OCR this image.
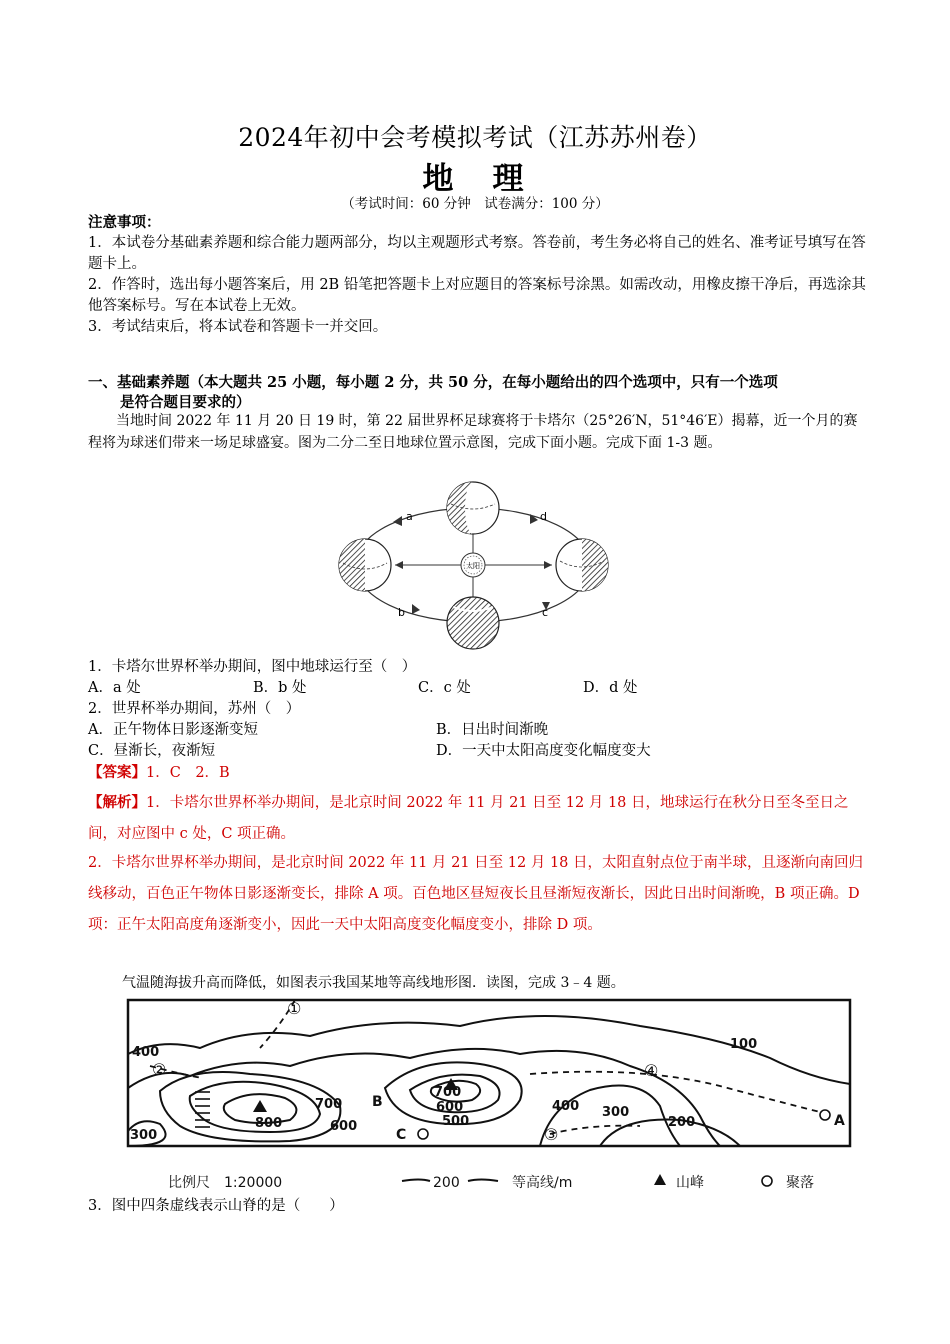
2024年初中会考模拟考试（江苏苏州卷）
地　理
（考试时间：60 分钟　试卷满分：100 分）
注意事项：
1．本试卷分基础素养题和综合能力题两部分，均以主观题形式考察。答卷前，考生务必将自己的姓名、准考证号填写在答题卡上。
2．作答时，选出每小题答案后，用 2B 铅笔把答题卡上对应题目的答案标号涂黑。如需改动，用橡皮擦干净后，再选涂其他答案标号。写在本试卷上无效。
3．考试结束后，将本试卷和答题卡一并交回。
一、基础素养题（本大题共 25 小题，每小题 2 分，共 50 分，在每小题给出的四个选项中，只有一个选项
是符合题目要求的）
当地时间 2022 年 11 月 20 日 19 时，第 22 届世界杯足球赛将于卡塔尔（25°26′N，51°46′E）揭幕，近一个月的赛程将为球迷们带来一场足球盛宴。图为二分二至日地球位置示意图，完成下面小题。完成下面 1-3 题。
太阳
a
b	c
d
1．卡塔尔世界杯举办期间，图中地球运行至（　）
A．a 处	B．b 处	C．c 处	D．d 处
2．世界杯举办期间，苏州（　）
A．正午物体日影逐渐变短	B．日出时间渐晚
C．昼渐长，夜渐短	D．一天中太阳高度变化幅度变大
【答案】1．C　2．B
【解析】1．卡塔尔世界杯举办期间，是北京时间 2022 年 11 月 21 日至 12 月 18 日，地球运行在秋分日至冬至日之间，对应图中 c 处，C 项正确。
2．卡塔尔世界杯举办期间，是北京时间 2022 年 11 月 21 日至 12 月 18 日，太阳直射点位于南半球，且逐渐向南回归线移动，百色正午物体日影逐渐变长，排除 A 项。百色地区昼短夜长且昼渐短夜渐长，因此日出时间渐晚，B 项正确。D 项：正午太阳高度角逐渐变小，因此一天中太阳高度变化幅度变小，排除 D 项。
气温随海拔升高而降低，如图表示我国某地等高线地形图．读图，完成 3﹣4 题。
100
400
800
700
600
300
700
600
500
400 300
200	A
B
C
①
②
③
④
比例尺　1:20000	200	等高线/m	山峰	聚落
3．图中四条虚线表示山脊的是（　　）
